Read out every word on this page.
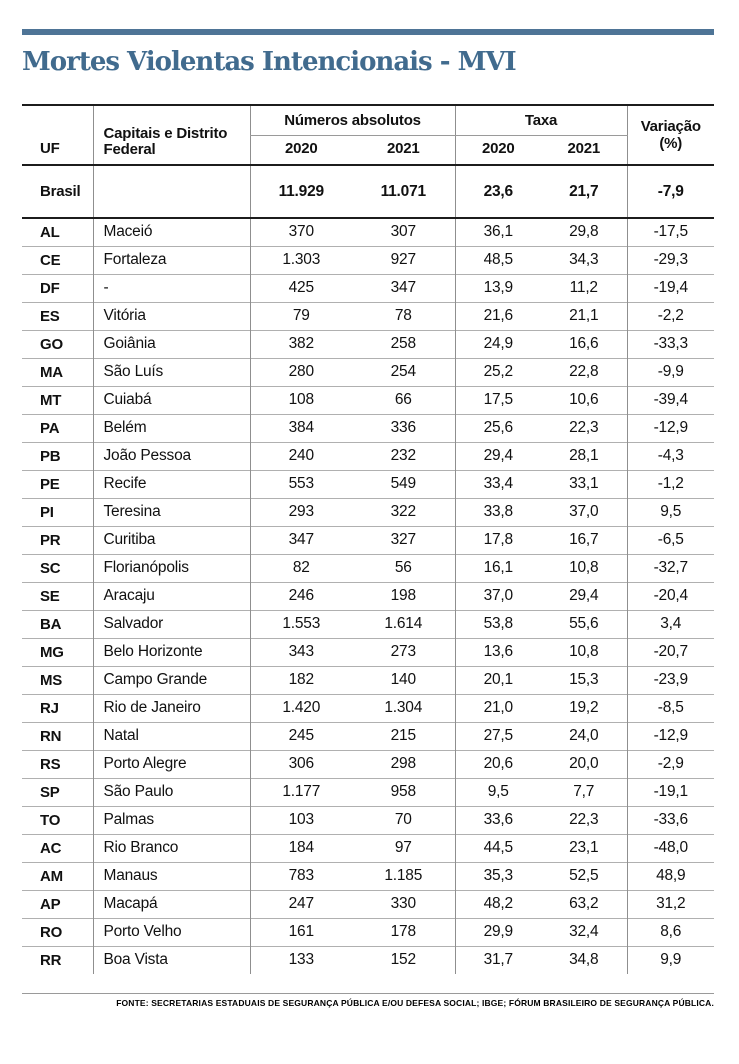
Mortes Violentas Intencionais - MVI
UF	Capitais e Distrito Federal	Números absolutos		Taxa		Variação (%)
		2020	2021	2020	2021	
Brasil		11.929	11.071	23,6	21,7	-7,9
AL	Maceió	370	307	36,1	29,8	-17,5
CE	Fortaleza	1.303	927	48,5	34,3	-29,3
DF	-	425	347	13,9	11,2	-19,4
ES	Vitória	79	78	21,6	21,1	-2,2
GO	Goiânia	382	258	24,9	16,6	-33,3
MA	São Luís	280	254	25,2	22,8	-9,9
MT	Cuiabá	108	66	17,5	10,6	-39,4
PA	Belém	384	336	25,6	22,3	-12,9
PB	João Pessoa	240	232	29,4	28,1	-4,3
PE	Recife	553	549	33,4	33,1	-1,2
PI	Teresina	293	322	33,8	37,0	9,5
PR	Curitiba	347	327	17,8	16,7	-6,5
SC	Florianópolis	82	56	16,1	10,8	-32,7
SE	Aracaju	246	198	37,0	29,4	-20,4
BA	Salvador	1.553	1.614	53,8	55,6	3,4
MG	Belo Horizonte	343	273	13,6	10,8	-20,7
MS	Campo Grande	182	140	20,1	15,3	-23,9
RJ	Rio de Janeiro	1.420	1.304	21,0	19,2	-8,5
RN	Natal	245	215	27,5	24,0	-12,9
RS	Porto Alegre	306	298	20,6	20,0	-2,9
SP	São Paulo	1.177	958	9,5	7,7	-19,1
TO	Palmas	103	70	33,6	22,3	-33,6
AC	Rio Branco	184	97	44,5	23,1	-48,0
AM	Manaus	783	1.185	35,3	52,5	48,9
AP	Macapá	247	330	48,2	63,2	31,2
RO	Porto Velho	161	178	29,9	32,4	8,6
RR	Boa Vista	133	152	31,7	34,8	9,9
FONTE: SECRETARIAS ESTADUAIS DE SEGURANÇA PÚBLICA E/OU DEFESA SOCIAL; IBGE; FÓRUM BRASILEIRO DE SEGURANÇA PÚBLICA.
